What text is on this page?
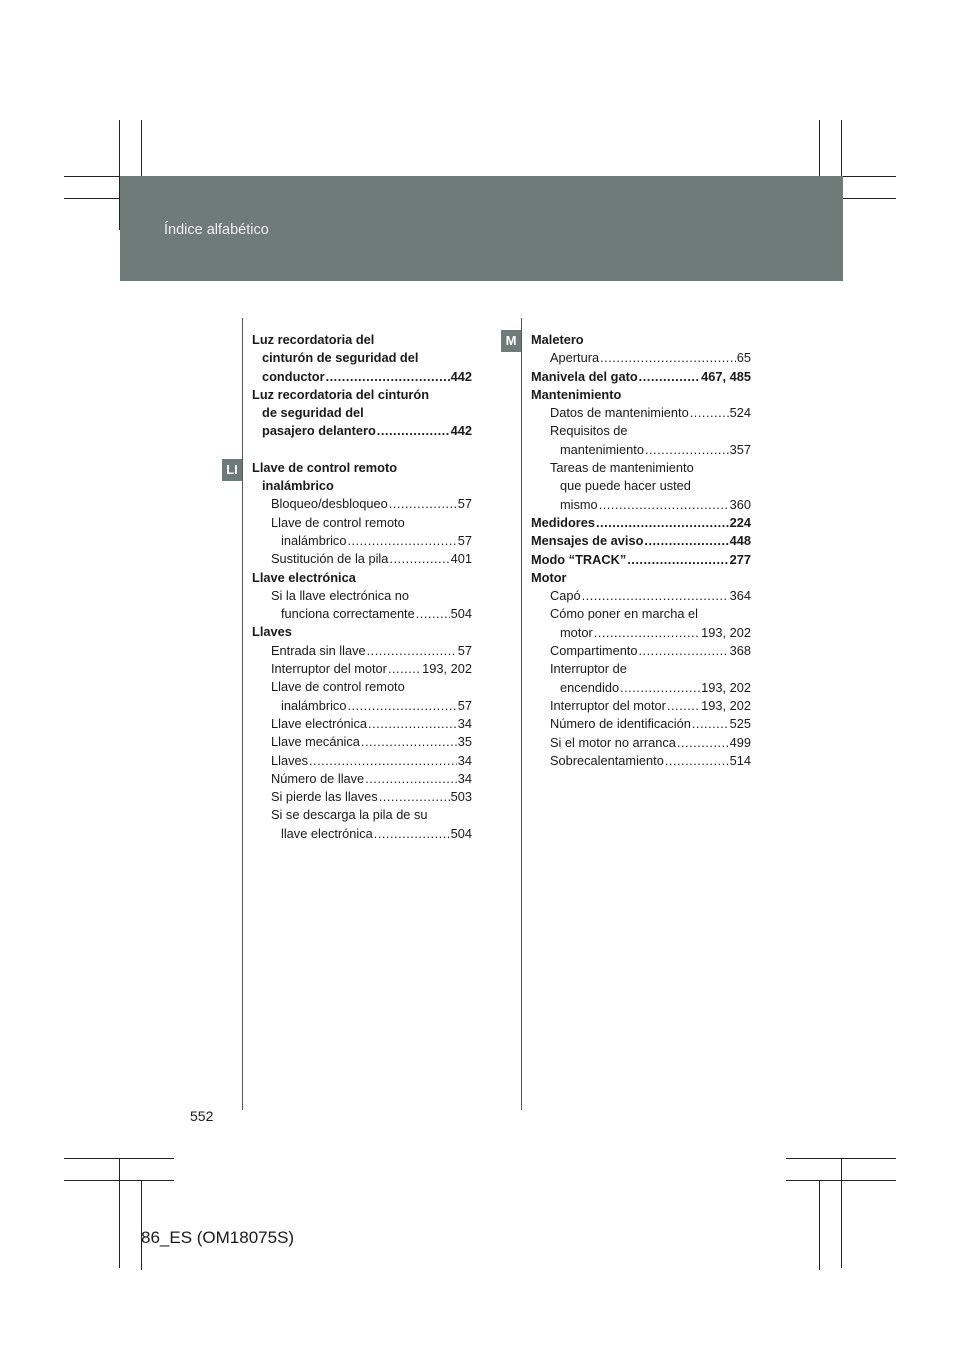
Índice alfabético
LI
M
Luz recordatoria del
cinturón de seguridad del
conductor .....	442
Luz recordatoria del cinturón
de seguridad del
pasajero delantero .....	442
Llave de control remoto
inalámbrico
Bloqueo/desbloqueo .....	57
Llave de control remoto
inalámbrico .....	57
Sustitución de la pila .....	401
Llave electrónica
Si la llave electrónica no
funciona correctamente .....	504
Llaves
Entrada sin llave .....	57
Interruptor del motor .....	193, 202
Llave de control remoto
inalámbrico .....	57
Llave electrónica .....	34
Llave mecánica .....	35
Llaves .....	34
Número de llave .....	34
Si pierde las llaves .....	503
Si se descarga la pila de su
llave electrónica .....	504
Maletero
Apertura .....	65
Manivela del gato .....	467, 485
Mantenimiento
Datos de mantenimiento .....	524
Requisitos de
mantenimiento .....	357
Tareas de mantenimiento
que puede hacer usted
mismo .....	360
Medidores .....	224
Mensajes de aviso .....	448
Modo “TRACK” .....	277
Motor
Capó .....	364
Cómo poner en marcha el
motor .....	193, 202
Compartimento .....	368
Interruptor de
encendido .....	193, 202
Interruptor del motor .....	193, 202
Número de identificación .....	525
Si el motor no arranca .....	499
Sobrecalentamiento .....	514
552
86_ES (OM18075S)
